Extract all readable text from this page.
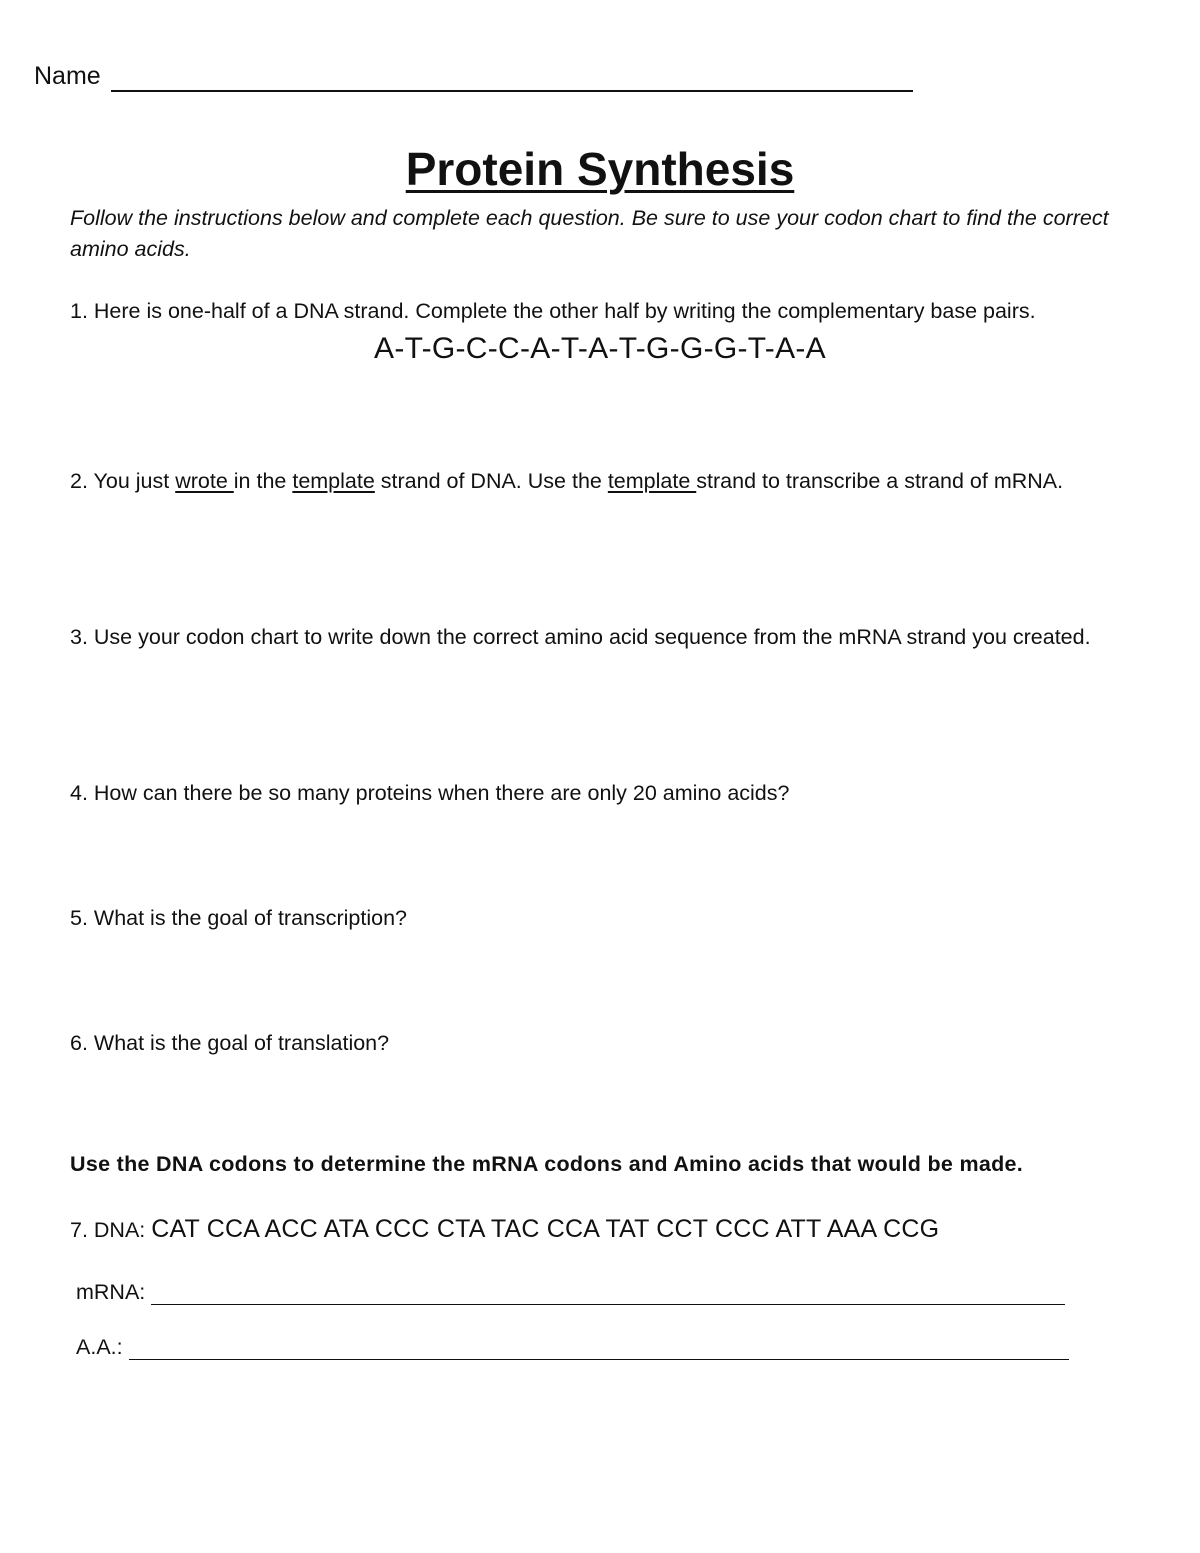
Name
Protein Synthesis
Follow the instructions below and complete each question. Be sure to use your codon chart to find the correct amino acids.
1. Here is one-half of a DNA strand. Complete the other half by writing the complementary base pairs.
A-T-G-C-C-A-T-A-T-G-G-G-T-A-A
2. You just wrote in the template strand of DNA. Use the template strand to transcribe a strand of mRNA.
3. Use your codon chart to write down the correct amino acid sequence from the mRNA strand you created.
4. How can there be so many proteins when there are only 20 amino acids?
5. What is the goal of transcription?
6. What is the goal of translation?
Use the DNA codons to determine the mRNA codons and Amino acids that would be made.
7. DNA: CAT CCA ACC ATA CCC CTA TAC CCA TAT CCT CCC ATT AAA CCG
mRNA:
A.A.:
